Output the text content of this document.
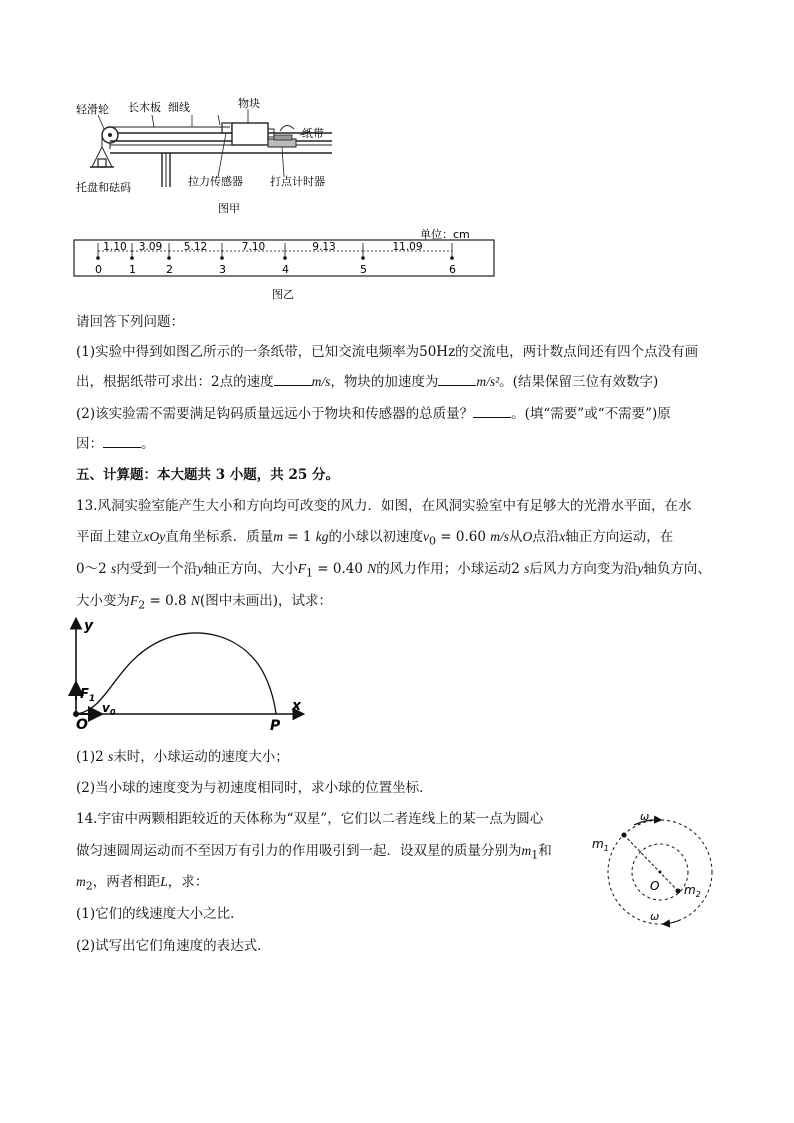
轻滑轮 长木板 细线	物块
纸带
托盘和砝码	拉力传感器 打点计时器
图甲
单位：cm
0 1	2	3	4	5	6
1.10 3.09 5.12	7.10	9.13	11.09
图乙
请回答下列问题：
(1)实验中得到如图乙所示的一条纸带，已知交流电频率为50Hz的交流电，两计数点间还有四个点没有画
出，根据纸带可求出：2点的速度	m/s，物块的加速度为	m/s²。(结果保留三位有效数字)
(2)该实验需不需要满足钩码质量远远小于物块和传感器的总质量？	。(填“需要”或“不需要”)原
因：	。
五、计算题：本大题共 3 小题，共 25 分。
13.风洞实验室能产生大小和方向均可改变的风力．如图，在风洞实验室中有足够大的光滑水平面，在水
平面上建立xOy直角坐标系．质量m = 1 kg的小球以初速度$v_0 = 0.60$ m/s从O点沿x轴正方向运动，在
0～2 s内受到一个沿y轴正方向、大小$F_1 = 0.40$ N的风力作用；小球运动2 s后风力方向变为沿y轴负方向、
大小变为$F_2 = 0.8$ N(图中未画出)，试求：
y
x
O	P
$F_1$
$v_0$
(1)2 s末时，小球运动的速度大小；
(2)当小球的速度变为与初速度相同时，求小球的位置坐标．
14.宇宙中两颗相距较近的天体称为“双星”，它们以二者连线上的某一点为圆心
做匀速圆周运动而不至因万有引力的作用吸引到一起．设双星的质量分别为$m_1$和
$m_2$，两者相距L，求：
(1)它们的线速度大小之比．
(2)试写出它们角速度的表达式．
ω
ω
$m_1$
$m_2$
O
